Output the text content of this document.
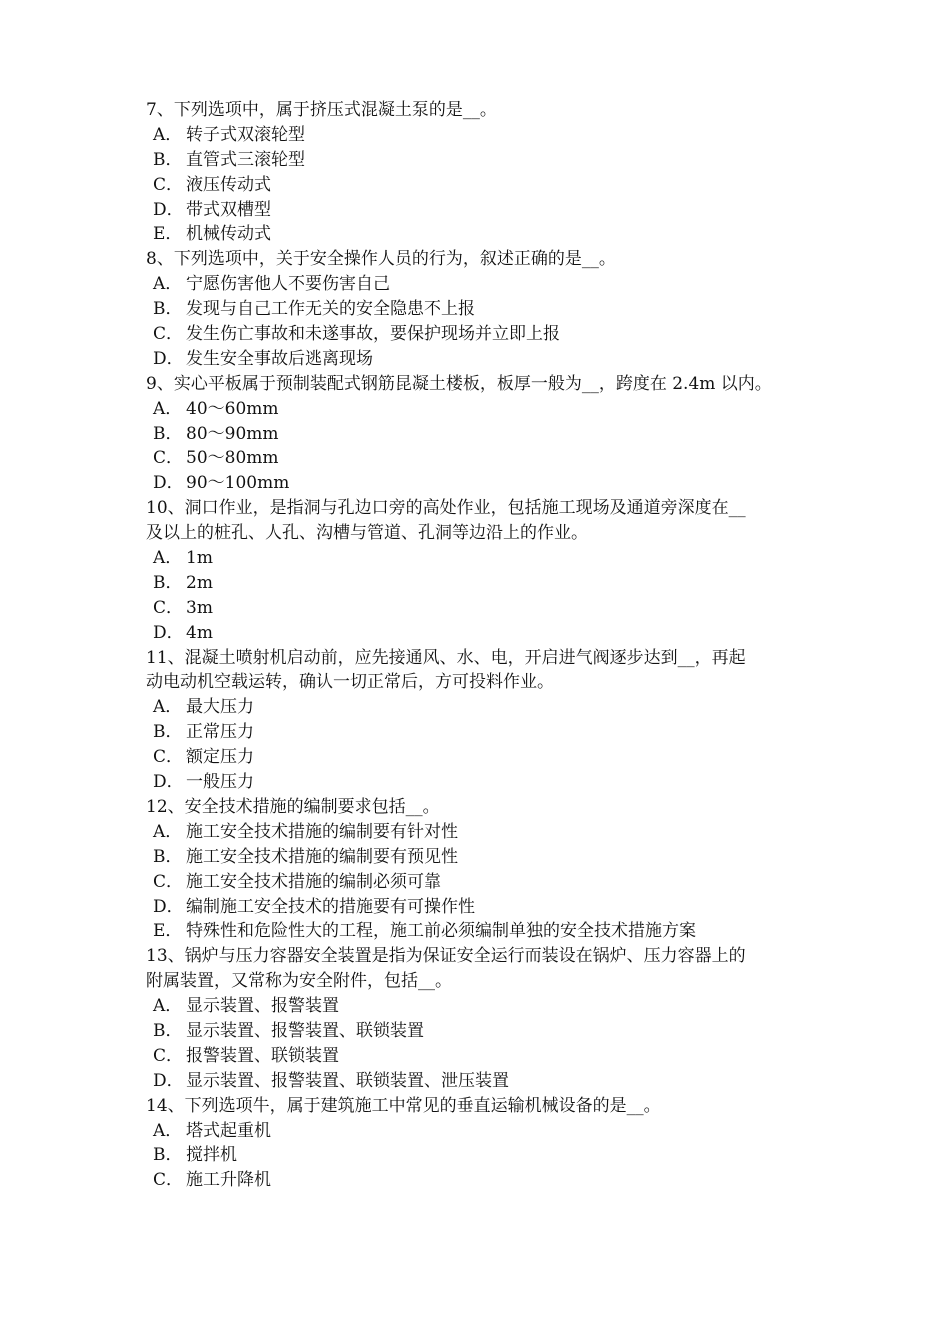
7、下列选项中，属于挤压式混凝土泵的是__。
A． 转子式双滚轮型
B． 直管式三滚轮型
C． 液压传动式
D． 带式双槽型
E． 机械传动式
8、下列选项中，关于安全操作人员的行为，叙述正确的是__。
A． 宁愿伤害他人不要伤害自己
B． 发现与自己工作无关的安全隐患不上报
C． 发生伤亡事故和未遂事故，要保护现场并立即上报
D． 发生安全事故后逃离现场
9、实心平板属于预制装配式钢筋昆凝土楼板，板厚一般为__，跨度在 2.4m 以内。
A． 40～60mm
B． 80～90mm
C． 50～80mm
D． 90～100mm
10、洞口作业，是指洞与孔边口旁的高处作业，包括施工现场及通道旁深度在__
及以上的桩孔、人孔、沟槽与管道、孔洞等边沿上的作业。
A． 1m
B． 2m
C． 3m
D． 4m
11、混凝土喷射机启动前，应先接通风、水、电，开启进气阀逐步达到__，再起
动电动机空载运转，确认一切正常后，方可投料作业。
A． 最大压力
B． 正常压力
C． 额定压力
D． 一般压力
12、安全技术措施的编制要求包括__。
A． 施工安全技术措施的编制要有针对性
B． 施工安全技术措施的编制要有预见性
C． 施工安全技术措施的编制必须可靠
D． 编制施工安全技术的措施要有可操作性
E． 特殊性和危险性大的工程，施工前必须编制单独的安全技术措施方案
13、锅炉与压力容器安全装置是指为保证安全运行而装设在锅炉、压力容器上的
附属装置，又常称为安全附件，包括__。
A． 显示装置、报警装置
B． 显示装置、报警装置、联锁装置
C． 报警装置、联锁装置
D． 显示装置、报警装置、联锁装置、泄压装置
14、下列选项牛，属于建筑施工中常见的垂直运输机械设备的是__。
A． 塔式起重机
B． 搅拌机
C． 施工升降机
